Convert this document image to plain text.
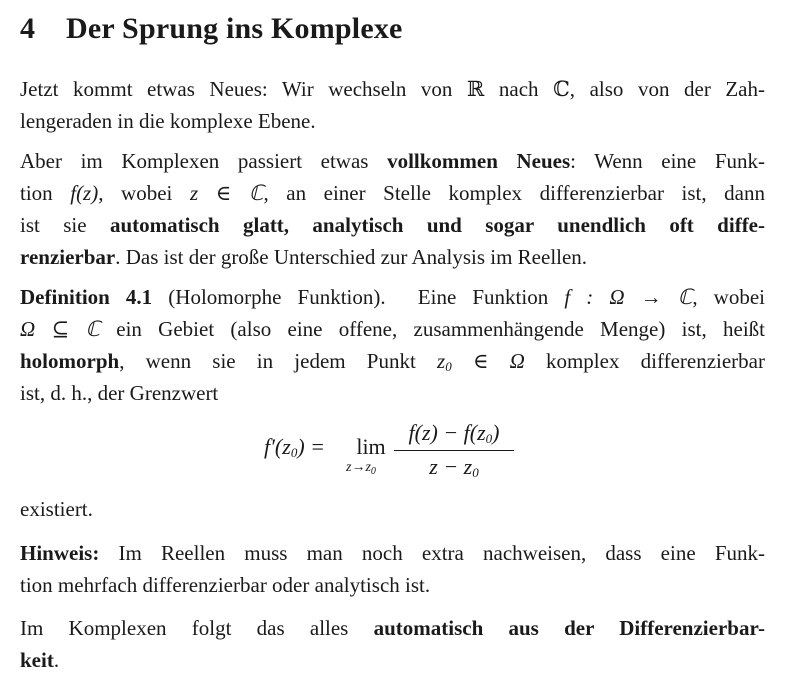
4 Der Sprung ins Komplexe

Jetzt kommt etwas Neues: Wir wechseln von ℝ nach ℂ, also von der Zah-
lengeraden in die komplexe Ebene.

Aber im Komplexen passiert etwas vollkommen Neues: Wenn eine Funk-
tion f(z), wobei z ∈ ℂ, an einer Stelle komplex differenzierbar ist, dann
ist sie automatisch glatt, analytisch und sogar unendlich oft diffe-
renzierbar. Das ist der große Unterschied zur Analysis im Reellen.

Definition 4.1 (Holomorphe Funktion). Eine Funktion f : Ω → ℂ, wobei
Ω ⊆ ℂ ein Gebiet (also eine offene, zusammenhängende Menge) ist, heißt
holomorph, wenn sie in jedem Punkt $z_0$ ∈ Ω komplex differenzierbar
ist, d. h., der Grenzwert

$f'(z_0) = \lim$
$z\to z_0$
$f(z) - f(z_0)$
$z - z_0$

existiert.

Hinweis: Im Reellen muss man noch extra nachweisen, dass eine Funk-
tion mehrfach differenzierbar oder analytisch ist.

Im Komplexen folgt das alles automatisch aus der Differenzierbar-
keit.
